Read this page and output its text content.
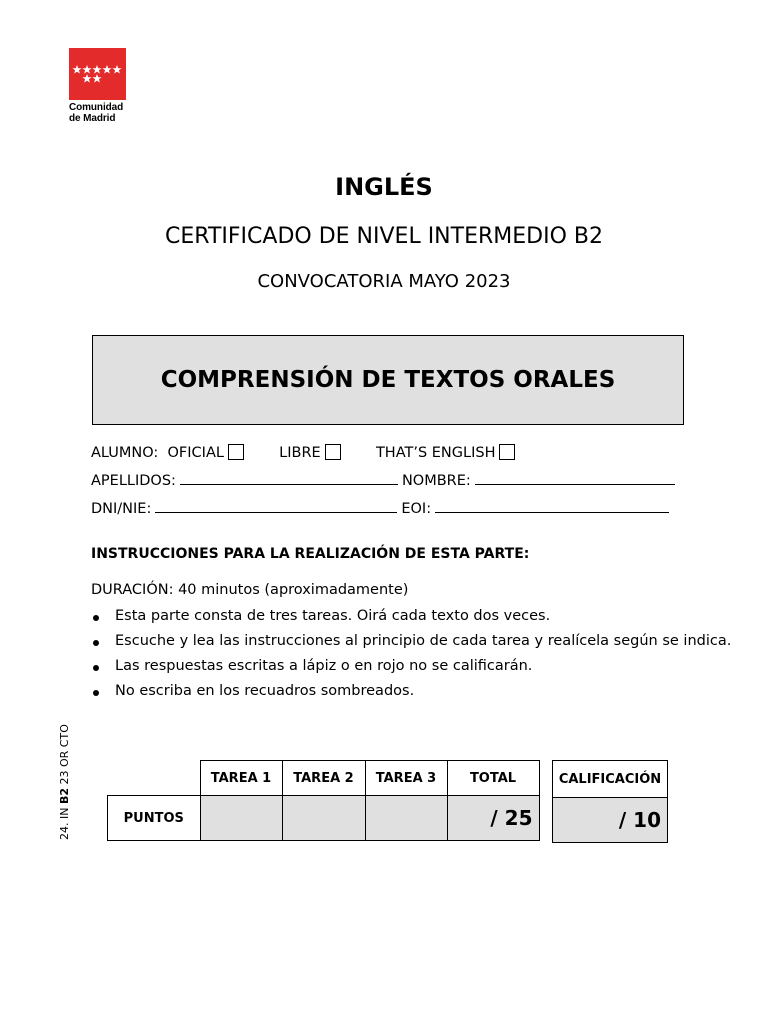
Comunidad
de Madrid
INGLÉS
CERTIFICADO DE NIVEL INTERMEDIO B2
CONVOCATORIA MAYO 2023
COMPRENSIÓN DE TEXTOS ORALES
ALUMNO: OFICIAL	LIBRE	THAT’S ENGLISH
APELLIDOS:	NOMBRE:
DNI/NIE:	EOI:
INSTRUCCIONES PARA LA REALIZACIÓN DE ESTA PARTE:
DURACIÓN: 40 minutos (aproximadamente)
Esta parte consta de tres tareas. Oirá cada texto dos veces.
Escuche y lea las instrucciones al principio de cada tarea y realícela según se indica.
Las respuestas escritas a lápiz o en rojo no se calificarán.
No escriba en los recuadros sombreados.
24. IN B2 23 OR CTO
		TAREA 1	TAREA 2	TAREA 3	TOTAL
PUNTOS				/ 25
CALIFICACIÓN
/ 10
